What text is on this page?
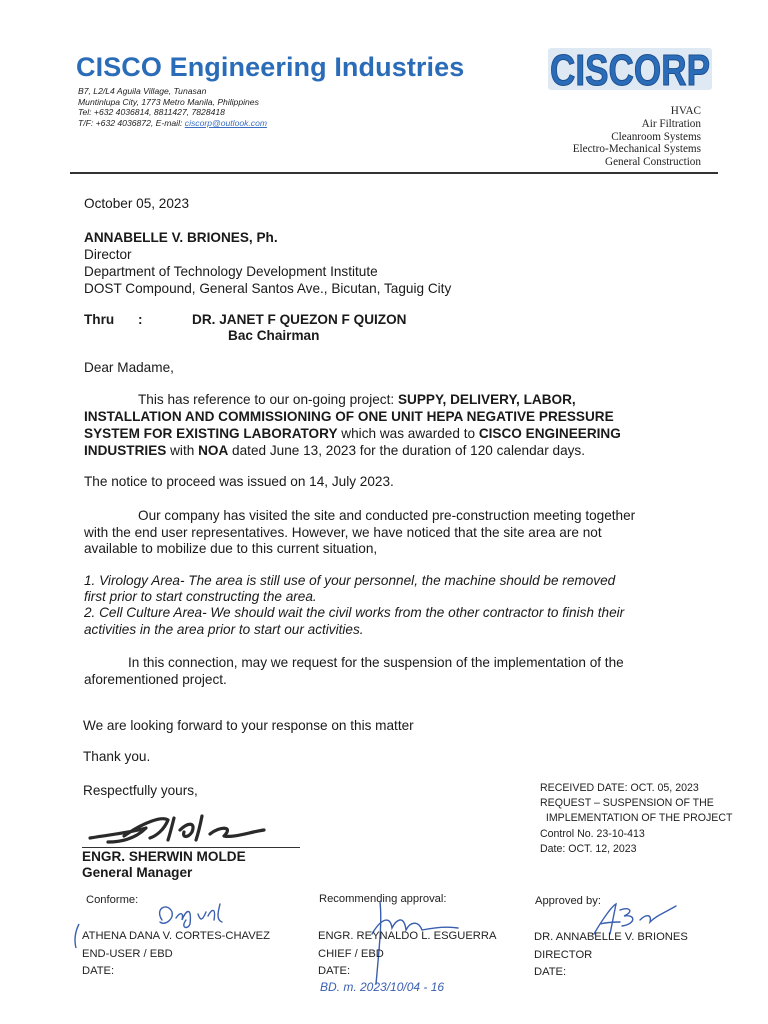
CISCO Engineering Industries
B7, L2/L4 Aguila Village, Tunasan
Muntinlupa City, 1773 Metro Manila, Philippines
Tel: +632 4036814, 8811427, 7828418
T/F: +632 4036872, E-mail: ciscorp@outlook.com
CISCORP
HVAC
Air Filtration
Cleanroom Systems
Electro-Mechanical Systems
General Construction
October 05, 2023
ANNABELLE V. BRIONES, Ph.
Director
Department of Technology Development Institute
DOST Compound, General Santos Ave., Bicutan, Taguig City
Thru :	DR. JANET F QUEZON F QUIZON
Bac Chairman
Dear Madame,
This has reference to our on-going project: SUPPY, DELIVERY, LABOR,
INSTALLATION AND COMMISSIONING OF ONE UNIT HEPA NEGATIVE PRESSURE
SYSTEM FOR EXISTING LABORATORY which was awarded to CISCO ENGINEERING
INDUSTRIES with NOA dated June 13, 2023 for the duration of 120 calendar days.
The notice to proceed was issued on 14, July 2023.
Our company has visited the site and conducted pre-construction meeting together
with the end user representatives. However, we have noticed that the site area are not
available to mobilize due to this current situation,
1. Virology Area- The area is still use of your personnel, the machine should be removed
first prior to start constructing the area.
2. Cell Culture Area- We should wait the civil works from the other contractor to finish their
activities in the area prior to start our activities.
In this connection, may we request for the suspension of the implementation of the
aforementioned project.
We are looking forward to your response on this matter
Thank you.
Respectfully yours,
ENGR. SHERWIN MOLDE
General Manager
RECEIVED DATE: OCT. 05, 2023
REQUEST – SUSPENSION OF THE
IMPLEMENTATION OF THE PROJECT
Control No. 23-10-413
Date: OCT. 12, 2023
Conforme:
ATHENA DANA V. CORTES-CHAVEZ
END-USER / EBD
DATE:
Recommending approval:
ENGR. REYNALDO L. ESGUERRA
CHIEF / EBD
DATE:
BD. m. 2023/10/04 - 16
Approved by:
DR. ANNABELLE V. BRIONES
DIRECTOR
DATE:
